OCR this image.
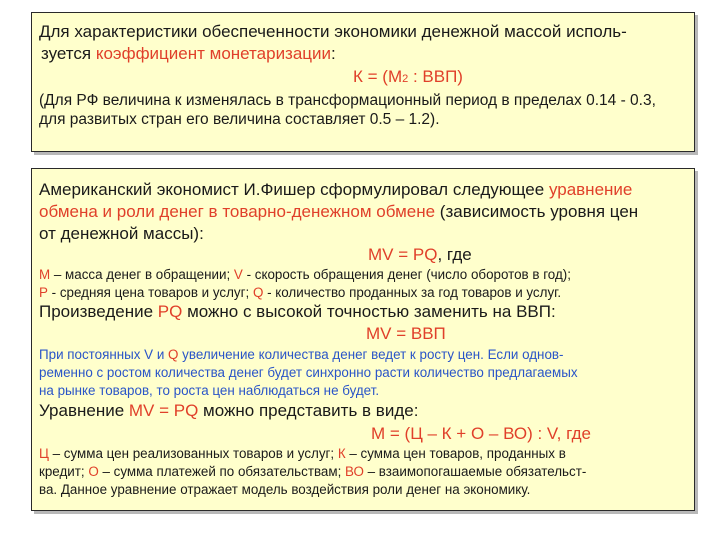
Для характеристики обеспеченности экономики денежной массой исполь-
зуется коэффициент монетаризации:
К = (М2 : ВВП)
(Для РФ величина к изменялась в трансформационный период в пределах 0.14 - 0.3,
для развитых стран его величина составляет 0.5 – 1.2).
Американский экономист И.Фишер сформулировал следующее уравнение
обмена и роли денег в товарно-денежном обмене (зависимость уровня цен
от денежной массы):
МV = РQ, где
М – масса денег в обращении; V - скорость обращения денег (число оборотов в год);
Р - средняя цена товаров и услуг; Q - количество проданных за год товаров и услуг.
Произведение РQ можно с высокой точностью заменить на ВВП:
МV = ВВП
При постоянных V и Q увеличение количества денег ведет к росту цен. Если однов-
ременно с ростом количества денег будет синхронно расти количество предлагаемых
на рынке товаров, то роста цен наблюдаться не будет.
Уравнение МV = РQ можно представить в виде:
М = (Ц – К + О – ВО) : V, где
Ц – сумма цен реализованных товаров и услуг; К – сумма цен товаров, проданных в
кредит; О – сумма платежей по обязательствам; ВО – взаимопогашаемые обязательст-
ва. Данное уравнение отражает модель воздействия роли денег на экономику.
